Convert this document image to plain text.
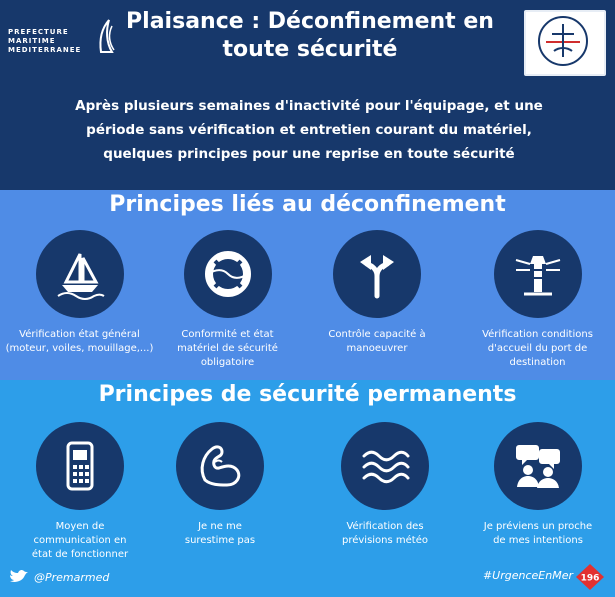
PREFECTURE
MARITIME
MEDITERRANEE
Plaisance : Déconfinement en
toute sécurité
Après plusieurs semaines d'inactivité pour l'équipage, et une
période sans vérification et entretien courant du matériel,
quelques principes pour une reprise en toute sécurité
Principes liés au déconfinement
Principes de sécurité permanents
Vérification état général
(moteur, voiles, mouillage,...)
Conformité et état
matériel de sécurité
obligatoire
Contrôle capacité à
manoeuvrer
Vérification conditions
d'accueil du port de
destination
Moyen de
communication en
état de fonctionner
Je ne me
surestime pas
Vérification des
prévisions météo
Je préviens un proche
de mes intentions
@Premarmed	#UrgenceEnMer 196
